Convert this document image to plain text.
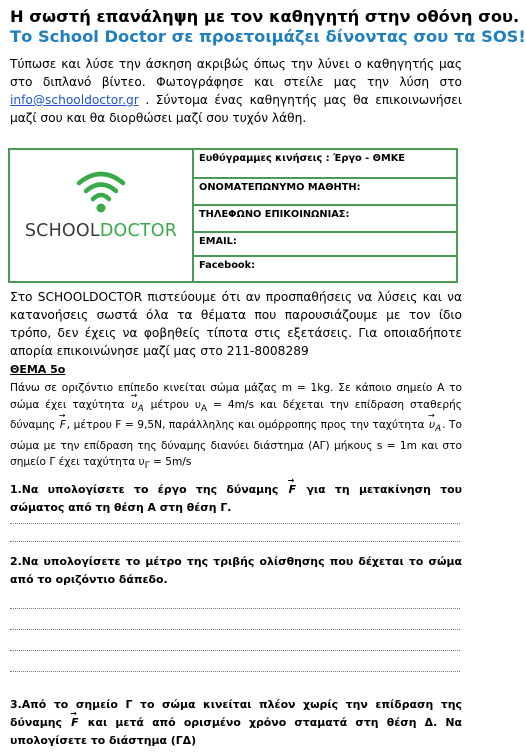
Η σωστή επανάληψη με τον καθηγητή στην οθόνη σου.
Το School Doctor σε προετοιμάζει δίνοντας σου τα SOS!
Τύπωσε και λύσε την άσκηση ακριβώς όπως την λύνει ο καθηγητής μας στο διπλανό βίντεο. Φωτογράφησε και στείλε μας την λύση στο info@schooldoctor.gr . Σύντομα ένας καθηγητής μας θα επικοινωνήσει μαζί σου και θα διορθώσει μαζί σου τυχόν λάθη.
SCHOOLDOCTOR
Ευθύγραμμες κινήσεις : Έργο - ΘΜΚΕ
ΟΝΟΜΑΤΕΠΩΝΥΜΟ ΜΑΘΗΤΗ:
ΤΗΛΕΦΩΝΟ ΕΠΙΚΟΙΝΩΝΙΑΣ:
EMAIL:
Facebook:
Στο SCHOOLDOCTOR πιστεύουμε ότι αν προσπαθήσεις να λύσεις και να κατανοήσεις σωστά όλα τα θέματα που παρουσιάζουμε με τον ίδιο τρόπο, δεν έχεις να φοβηθείς τίποτα στις εξετάσεις. Για οποιαδήποτε απορία επικοινώνησε μαζί μας στο 211-8008289
ΘΕΜΑ 5ο
Πάνω σε οριζόντιο επίπεδο κινείται σώμα μάζας m = 1kg. Σε κάποιο σημείο Α το σώμα έχει $\tau\alpha\chi ύ\tau\eta\tau\alpha \to \upsilon_A$ μέτρου $\upsilon_A = 4m/s$ και δέχεται την επίδραση σταθερής δύναμης → F, μέτρου F = 9,5N, παράλληλης και ομόρροπης προς την $\tau\alpha\chi ύ\tau\eta\tau\alpha \to \upsilon_A$. Το σώμα με την επίδραση της δύναμης διανύει διάστημα (ΑΓ) μήκους s = 1m και στο σημείο Γ έχει ταχύτητα $\upsilon_\Gamma = 5m/s$
1.Να υπολογίσετε το έργο της δύναμης → F για τη μετακίνηση του σώματος από τη θέση Α στη θέση Γ.
2.Να υπολογίσετε το μέτρο της τριβής ολίσθησης που δέχεται το σώμα από το οριζόντιο δάπεδο.
3.Από το σημείο Γ το σώμα κινείται πλέον χωρίς την επίδραση της δύναμης → F και μετά από ορισμένο χρόνο σταματά στη θέση Δ. Να υπολογίσετε το διάστημα (ΓΔ)
